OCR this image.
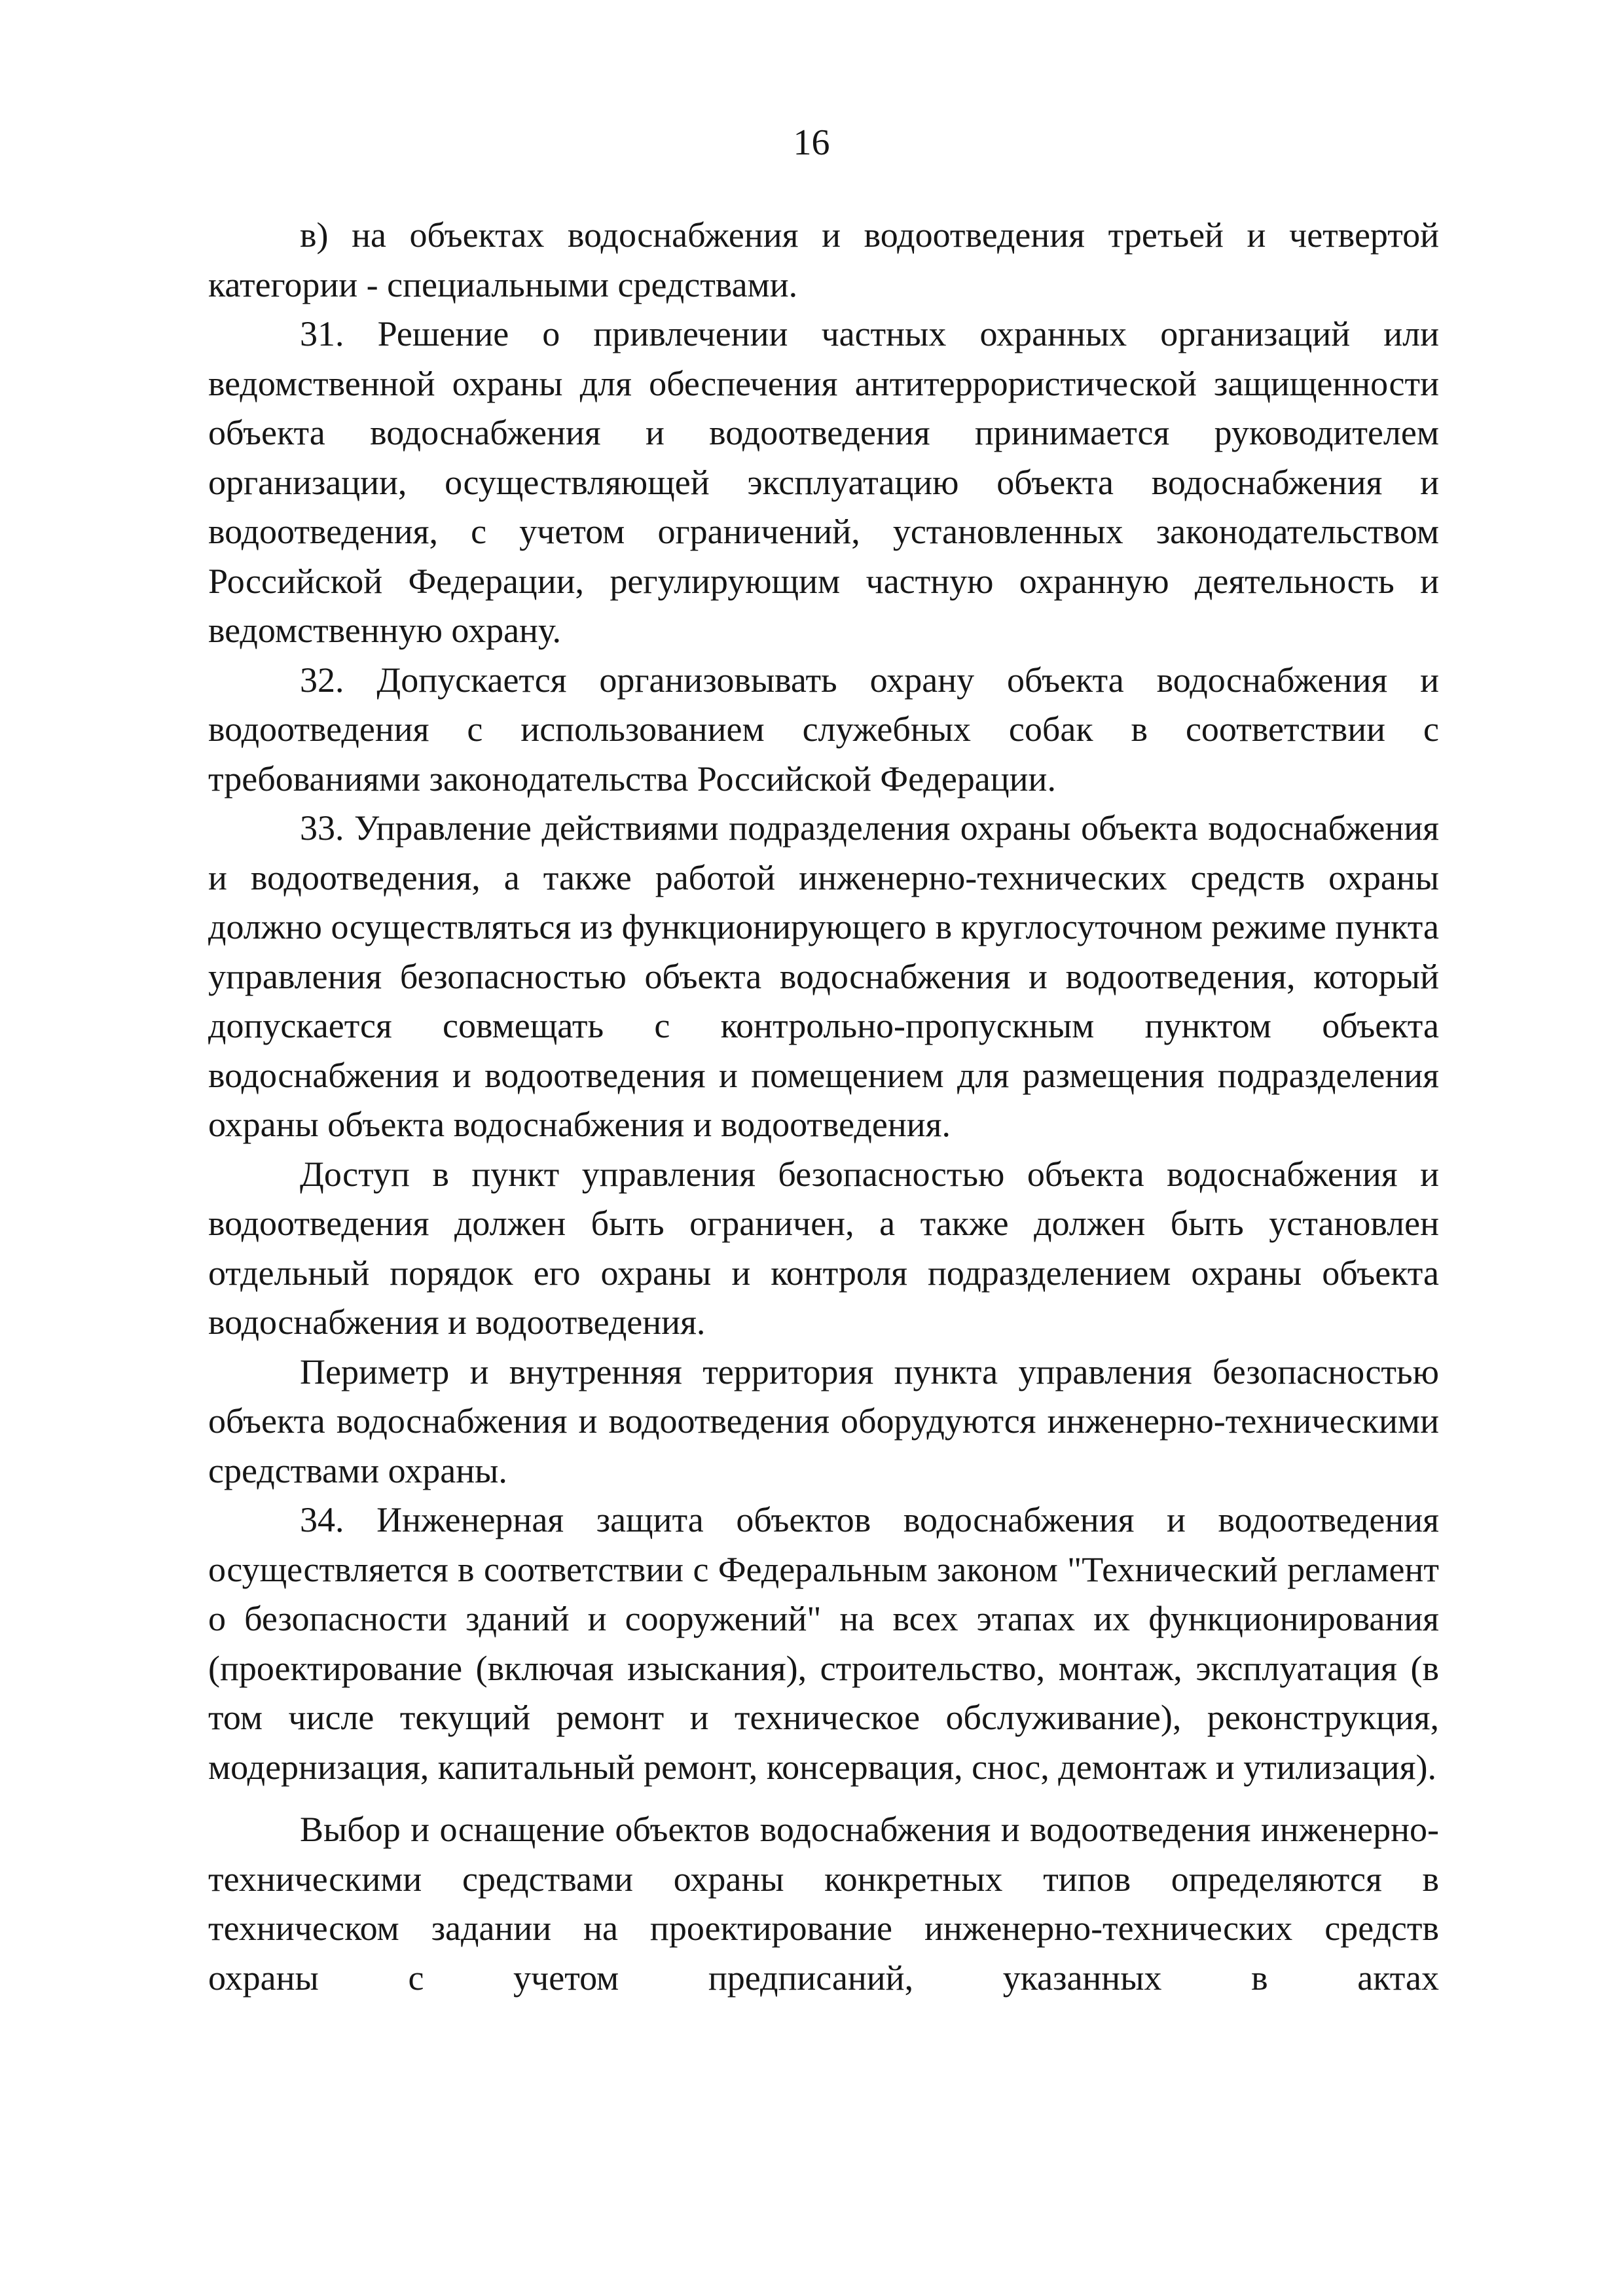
16

в) на объектах водоснабжения и водоотведения третьей и четвертой категории - специальными средствами.

31. Решение о привлечении частных охранных организаций или ведомственной охраны для обеспечения антитеррористической защищенности объекта водоснабжения и водоотведения принимается руководителем организации, осуществляющей эксплуатацию объекта водоснабжения и водоотведения, с учетом ограничений, установленных законодательством Российской Федерации, регулирующим частную охранную деятельность и ведомственную охрану.

32. Допускается организовывать охрану объекта водоснабжения и водоотведения с использованием служебных собак в соответствии с требованиями законодательства Российской Федерации.

33. Управление действиями подразделения охраны объекта водоснабжения и водоотведения, а также работой инженерно-технических средств охраны должно осуществляться из функционирующего в круглосуточном режиме пункта управления безопасностью объекта водоснабжения и водоотведения, который допускается совмещать с контрольно-пропускным пунктом объекта водоснабжения и водоотведения и помещением для размещения подразделения охраны объекта водоснабжения и водоотведения.

Доступ в пункт управления безопасностью объекта водоснабжения и водоотведения должен быть ограничен, а также должен быть установлен отдельный порядок его охраны и контроля подразделением охраны объекта водоснабжения и водоотведения.

Периметр и внутренняя территория пункта управления безопасностью объекта водоснабжения и водоотведения оборудуются инженерно-техническими средствами охраны.

34. Инженерная защита объектов водоснабжения и водоотведения осуществляется в соответствии с Федеральным законом "Технический регламент о безопасности зданий и сооружений" на всех этапах их функционирования (проектирование (включая изыскания), строительство, монтаж, эксплуатация (в том числе текущий ремонт и техническое обслуживание), реконструкция, модернизация, капитальный ремонт, консервация, снос, демонтаж и утилизация).

Выбор и оснащение объектов водоснабжения и водоотведения инженерно-техническими средствами охраны конкретных типов определяются в техническом задании на проектирование инженерно-технических средств охраны с учетом предписаний, указанных в актах
